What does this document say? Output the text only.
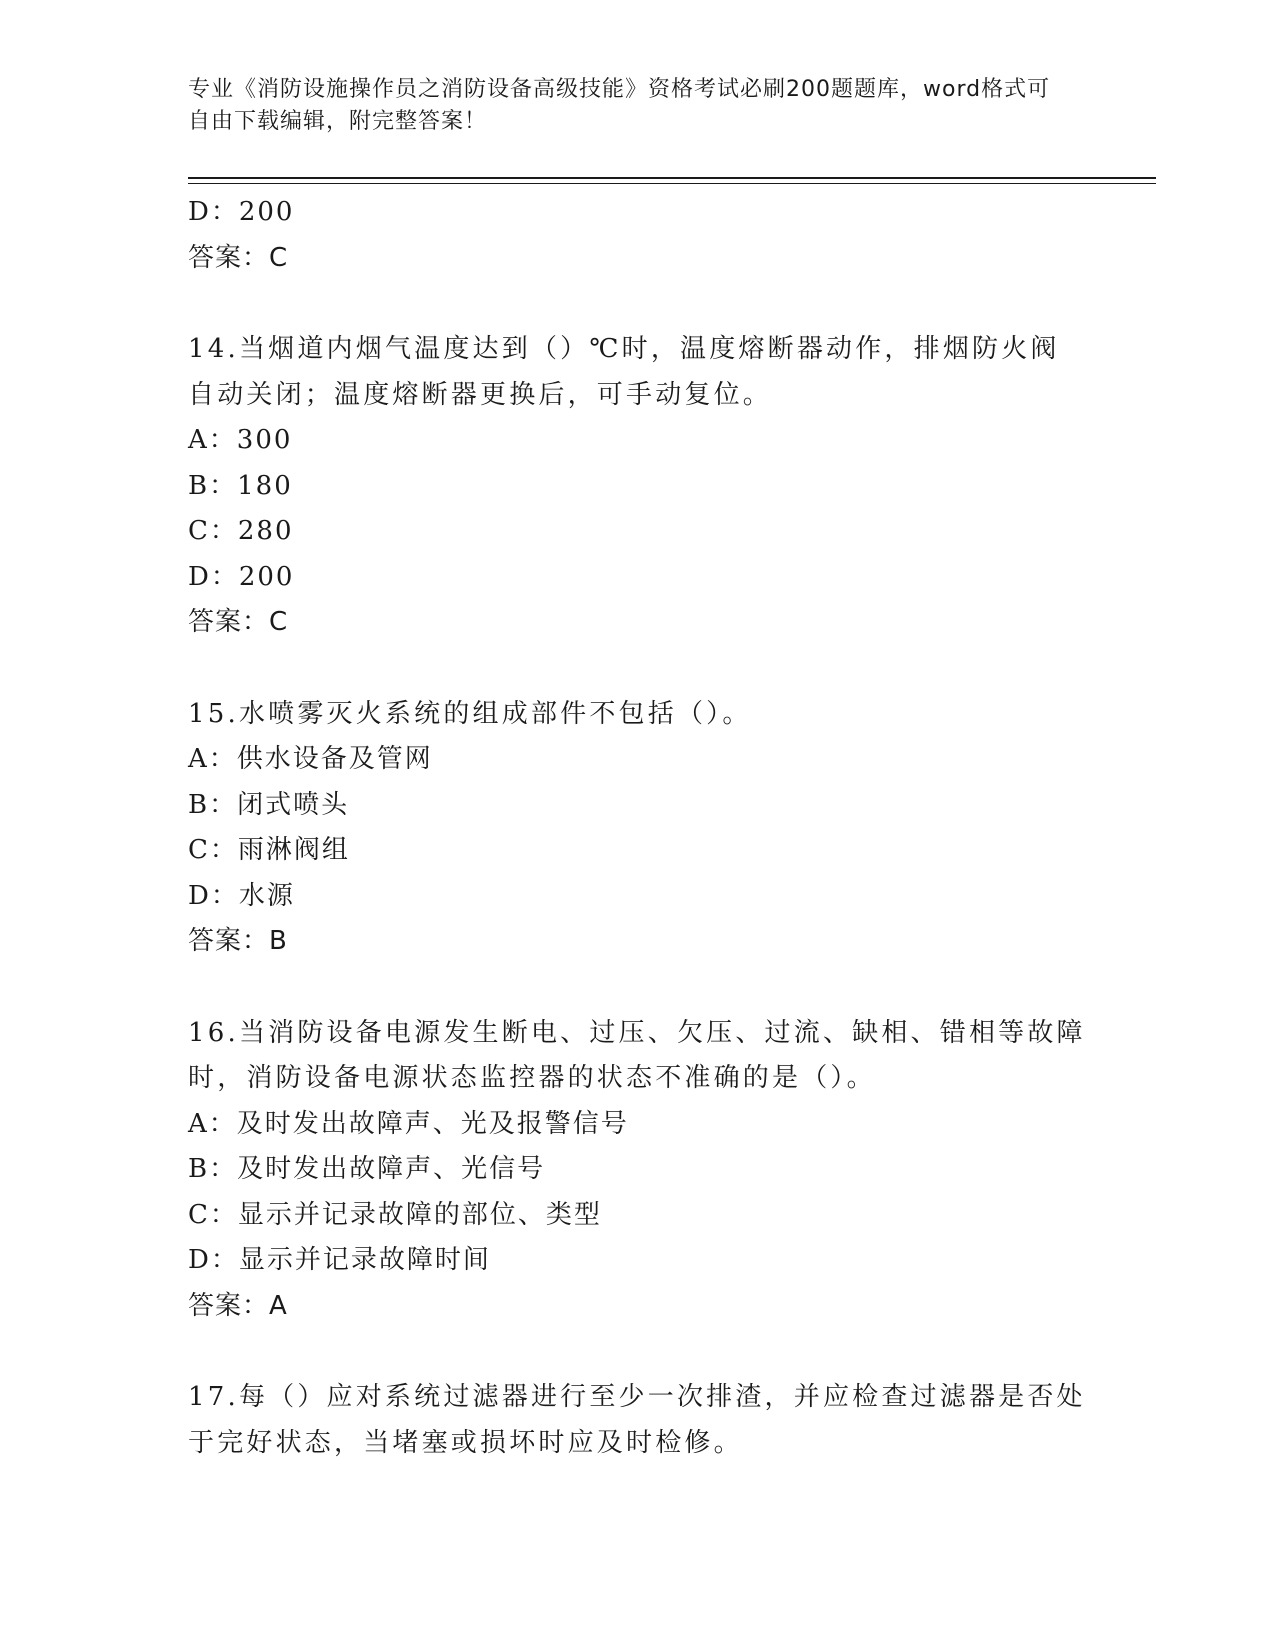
专业《消防设施操作员之消防设备高级技能》资格考试必刷200题题库，word格式可自由下载编辑，附完整答案！
D：200
答案：C
14.当烟道内烟气温度达到（）℃时，温度熔断器动作，排烟防火阀自动关闭；温度熔断器更换后，可手动复位。
A：300
B：180
C：280
D：200
答案：C
15.水喷雾灭火系统的组成部件不包括（）。
A：供水设备及管网
B：闭式喷头
C：雨淋阀组
D：水源
答案：B
16.当消防设备电源发生断电、过压、欠压、过流、缺相、错相等故障时，消防设备电源状态监控器的状态不准确的是（）。
A：及时发出故障声、光及报警信号
B：及时发出故障声、光信号
C：显示并记录故障的部位、类型
D：显示并记录故障时间
答案：A
17.每（）应对系统过滤器进行至少一次排渣，并应检查过滤器是否处于完好状态，当堵塞或损坏时应及时检修。
